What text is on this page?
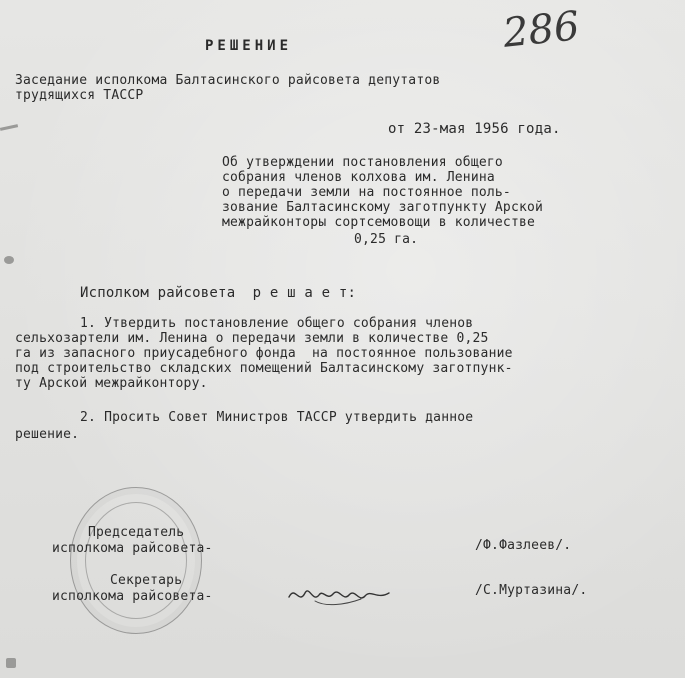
286
РЕШЕНИЕ
Заседание исполкома Балтасинского райсовета депутатов
трудящихся ТАССР
от 23-мая 1956 года.
Об утверждении постановления общего
собрания членов колхова им. Ленина
о передачи земли на постоянное поль-
зование Балтасинскому заготпункту Арской
межрайконторы сортсемовощи в количестве
0,25 га.
Исполком райсовета  р е ш а е т:
1. Утвердить постановление общего собрания членов
сельхозартели им. Ленина о передачи земли в количестве 0,25
га из запасного приусадебного фонда  на постоянное пользование
под строительство складских помещений Балтасинскому заготпунк-
ту Арской межрайконтору.
2. Просить Совет Министров ТАССР утвердить данное
решение.
Председатель
исполкома райсовета-	/Ф.Фазлеев/.
Секретарь
исполкома райсовета-	/С.Муртазина/.
